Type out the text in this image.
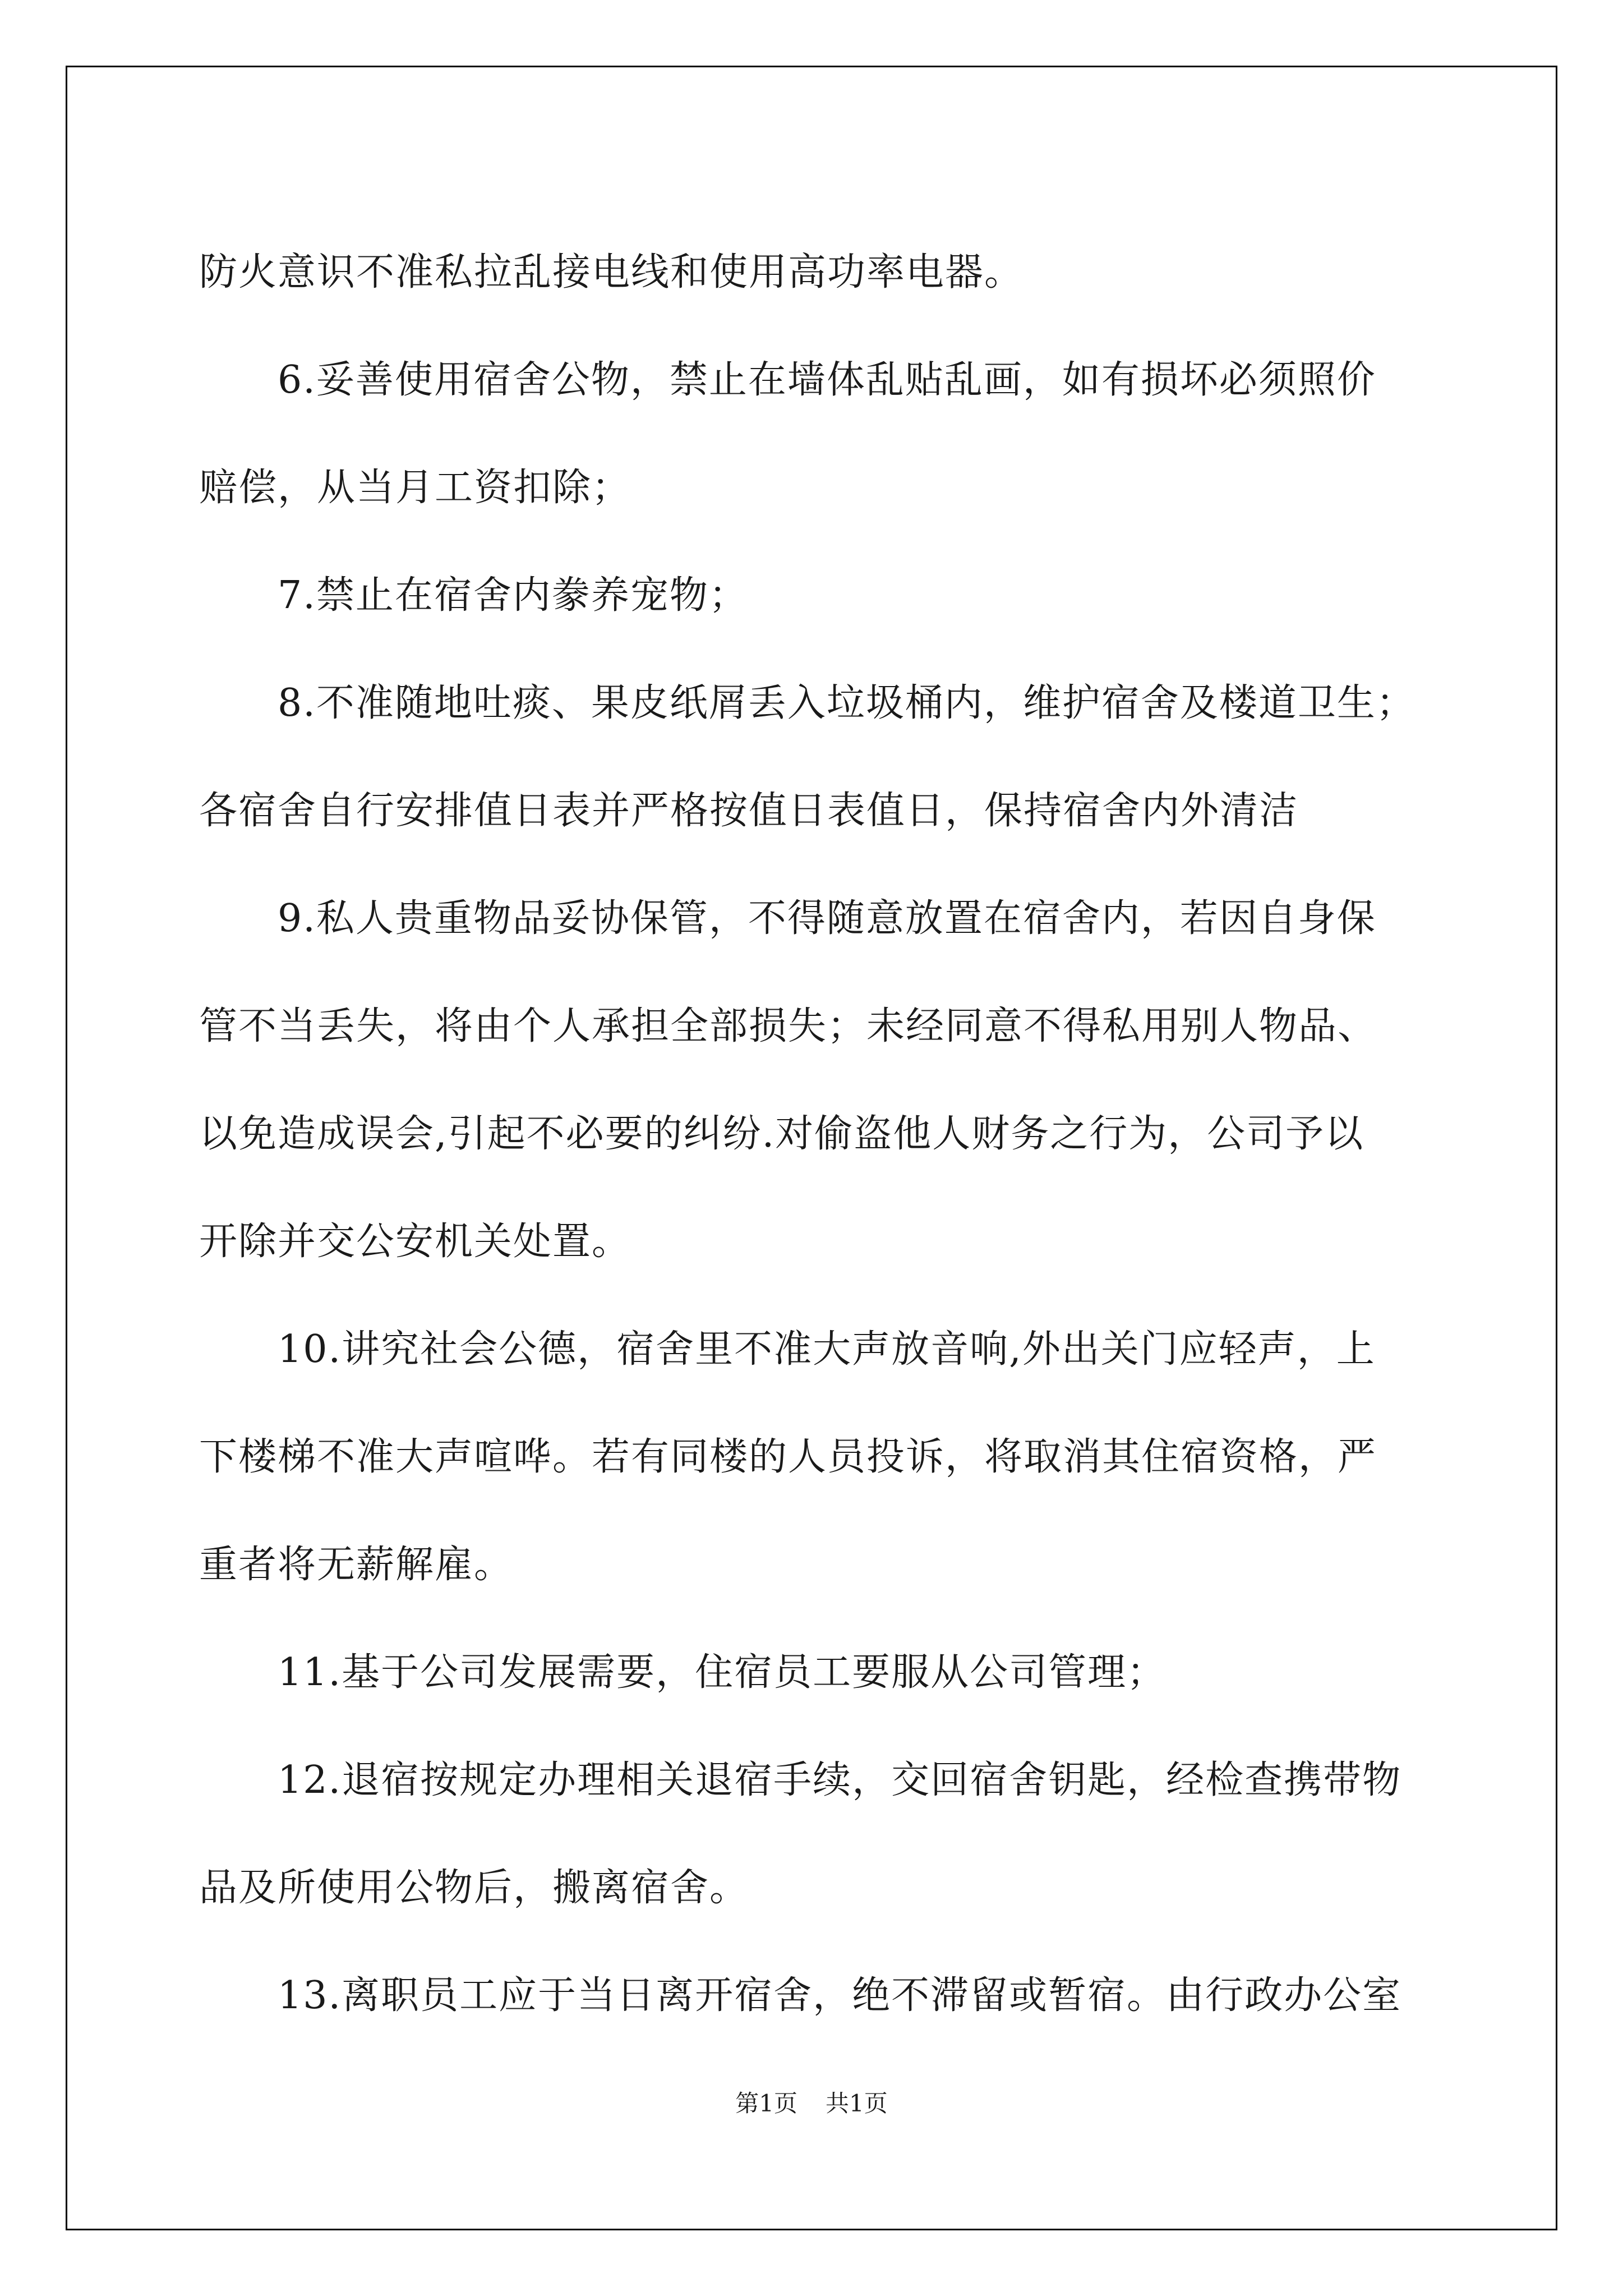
防火意识不准私拉乱接电线和使用高功率电器。
　　6.妥善使用宿舍公物，禁止在墙体乱贴乱画，如有损坏必须照价
赔偿，从当月工资扣除；
　　7.禁止在宿舍内豢养宠物；
　　8.不准随地吐痰、果皮纸屑丢入垃圾桶内，维护宿舍及楼道卫生；
各宿舍自行安排值日表并严格按值日表值日，保持宿舍内外清洁
　　9.私人贵重物品妥协保管，不得随意放置在宿舍内，若因自身保
管不当丢失，将由个人承担全部损失；未经同意不得私用别人物品、
以免造成误会,引起不必要的纠纷.对偷盗他人财务之行为，公司予以
开除并交公安机关处置。
　　10.讲究社会公德，宿舍里不准大声放音响,外出关门应轻声，上
下楼梯不准大声喧哗。若有同楼的人员投诉，将取消其住宿资格，严
重者将无薪解雇。
　　11.基于公司发展需要，住宿员工要服从公司管理；
　　12.退宿按规定办理相关退宿手续，交回宿舍钥匙，经检查携带物
品及所使用公物后，搬离宿舍。
　　13.离职员工应于当日离开宿舍，绝不滞留或暂宿。由行政办公室
第1页 共1页
